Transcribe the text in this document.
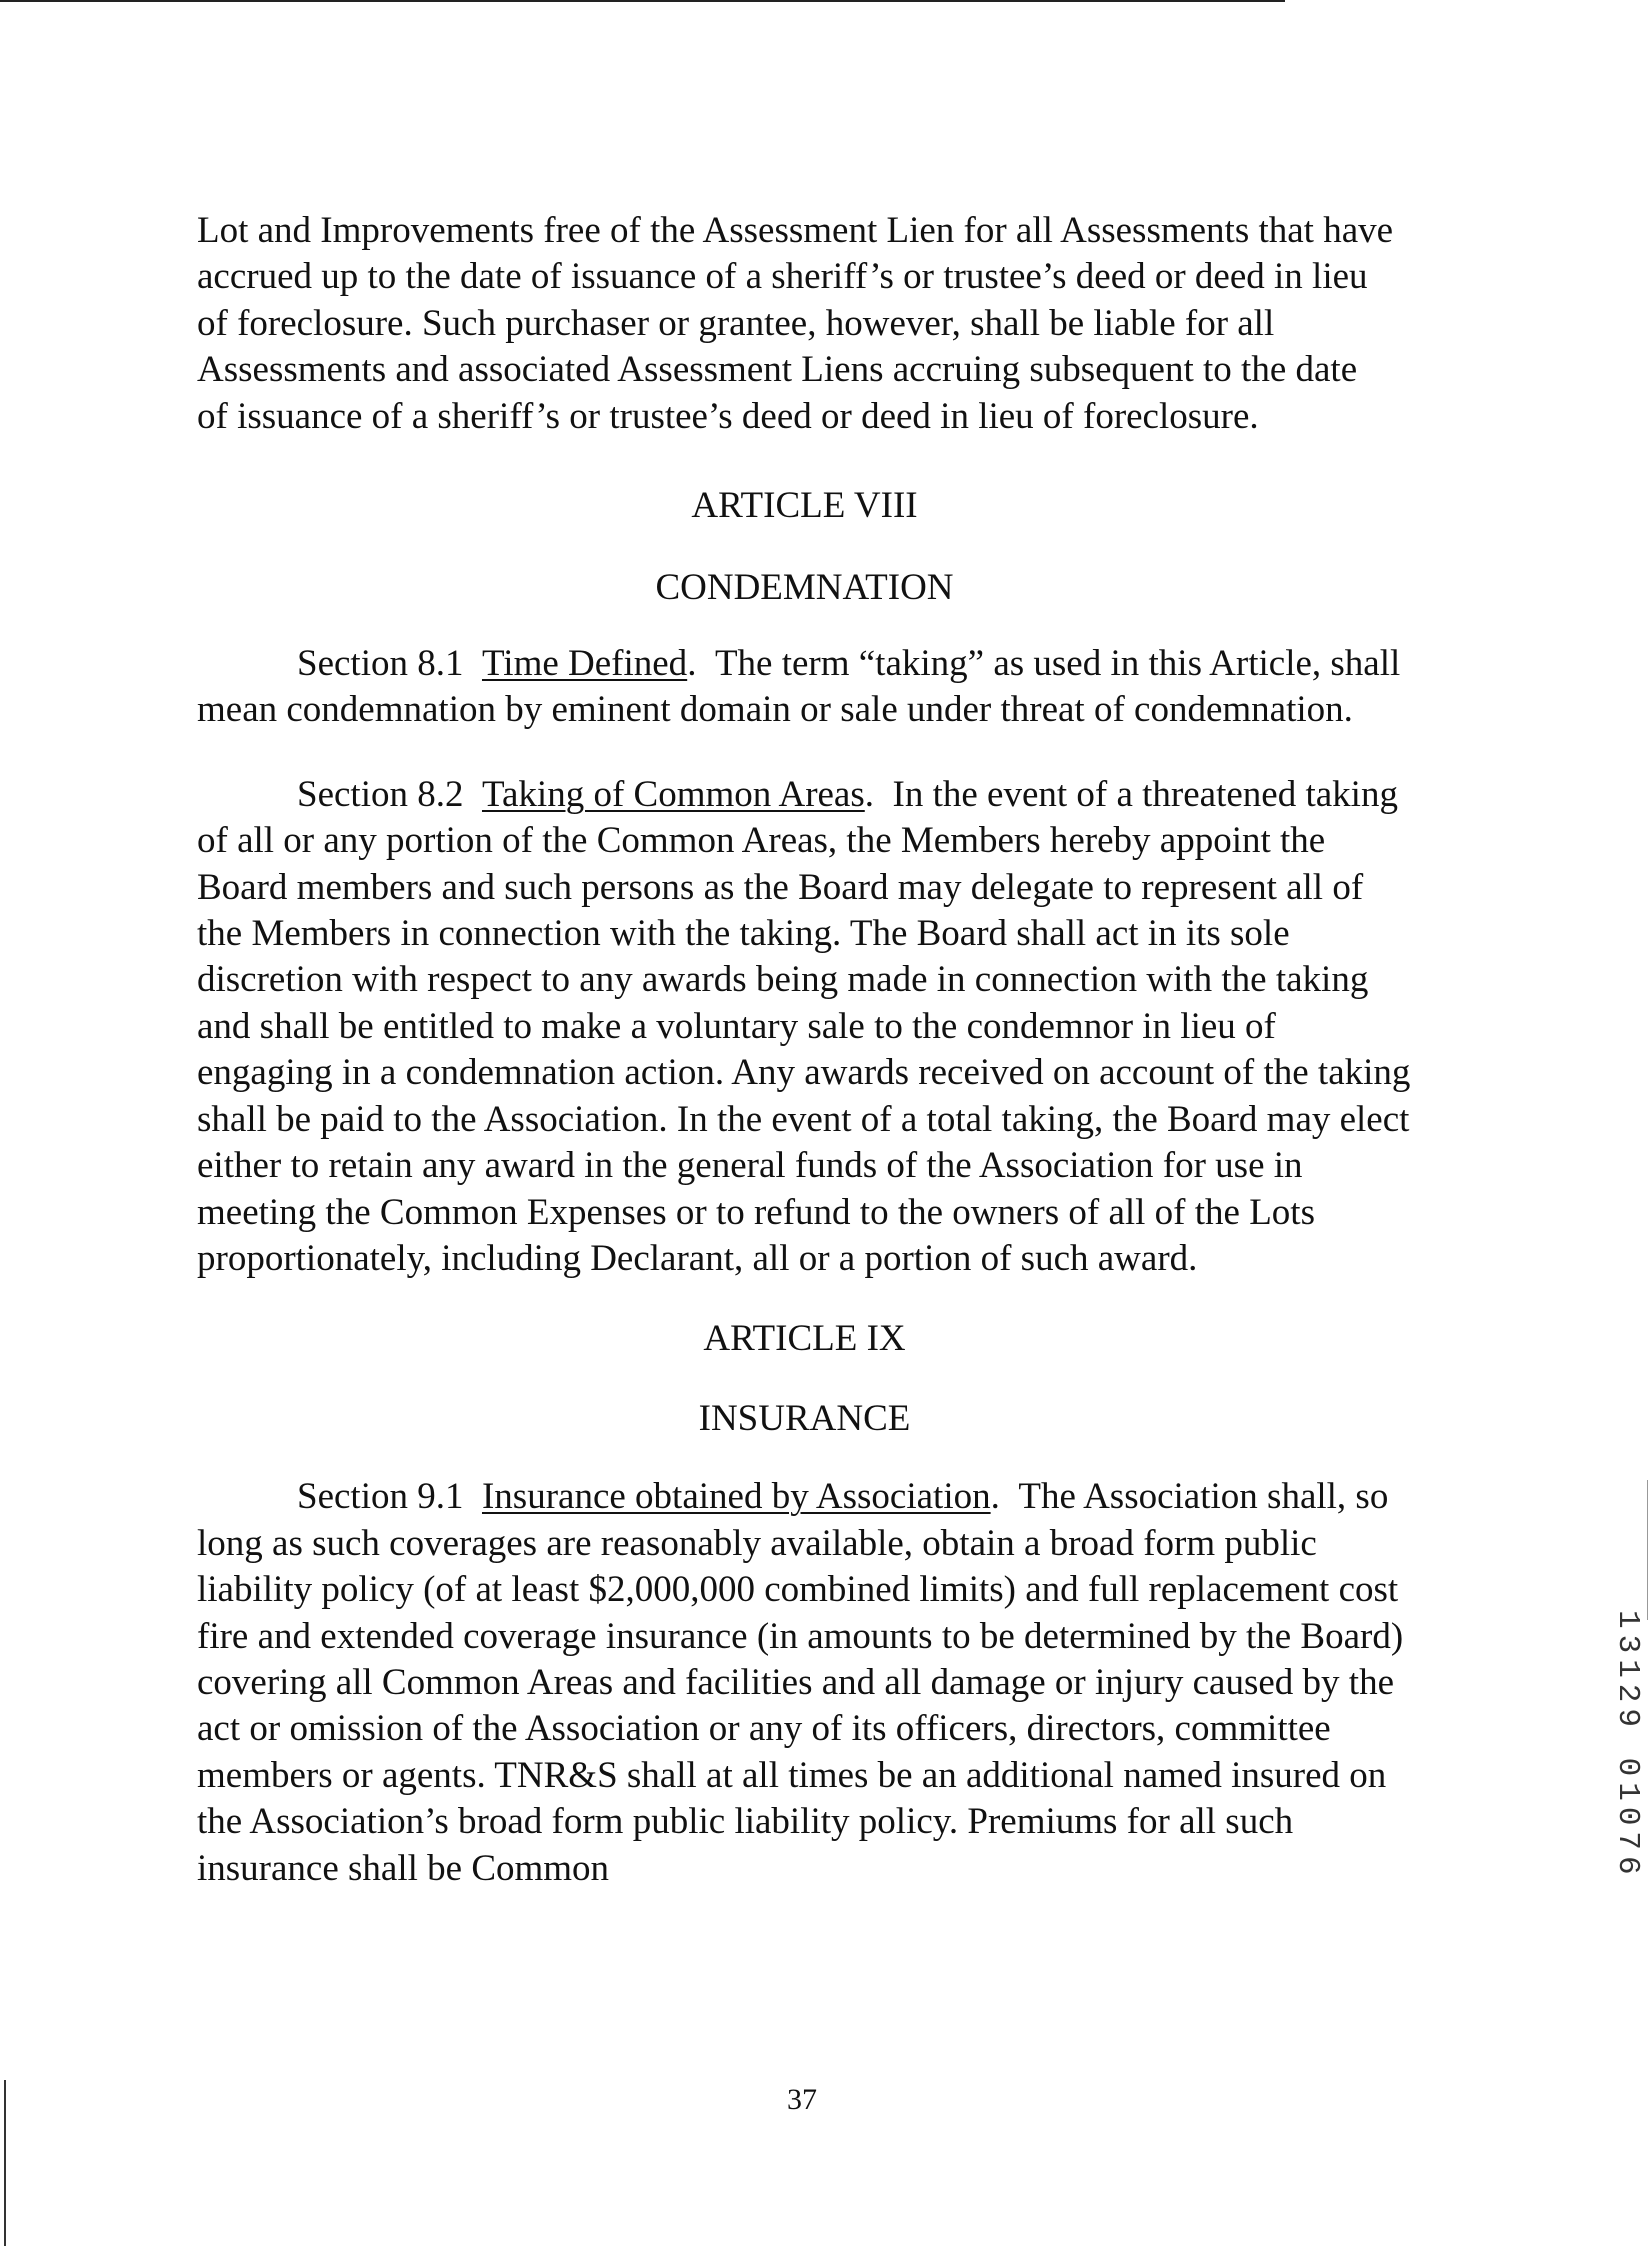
Lot and Improvements free of the Assessment Lien for all Assessments that have accrued up to the date of issuance of a sheriff’s or trustee’s deed or deed in lieu of foreclosure. Such purchaser or grantee, however, shall be liable for all Assessments and associated Assessment Liens accruing subsequent to the date of issuance of a sheriff’s or trustee’s deed or deed in lieu of foreclosure.

ARTICLE VIII

CONDEMNATION

Section 8.1 Time Defined.  The term “taking” as used in this Article, shall mean condemnation by eminent domain or sale under threat of condemnation.

Section 8.2 Taking of Common Areas.  In the event of a threatened taking of all or any portion of the Common Areas, the Members hereby appoint the Board members and such persons as the Board may delegate to represent all of the Members in connection with the taking. The Board shall act in its sole discretion with respect to any awards being made in connection with the taking and shall be entitled to make a voluntary sale to the condemnor in lieu of engaging in a condemnation action. Any awards received on account of the taking shall be paid to the Association. In the event of a total taking, the Board may elect either to retain any award in the general funds of the Association for use in meeting the Common Expenses or to refund to the owners of all of the Lots proportionately, including Declarant, all or a portion of such award.

ARTICLE IX

INSURANCE

Section 9.1 Insurance obtained by Association.  The Association shall, so long as such coverages are reasonably available, obtain a broad form public liability policy (of at least $2,000,000 combined limits) and full replacement cost fire and extended coverage insurance (in amounts to be determined by the Board) covering all Common Areas and facilities and all damage or injury caused by the act or omission of the Association or any of its officers, directors, committee members or agents. TNR&S shall at all times be an additional named insured on the Association’s broad form public liability policy. Premiums for all such insurance shall be Common

37
13129 01076
